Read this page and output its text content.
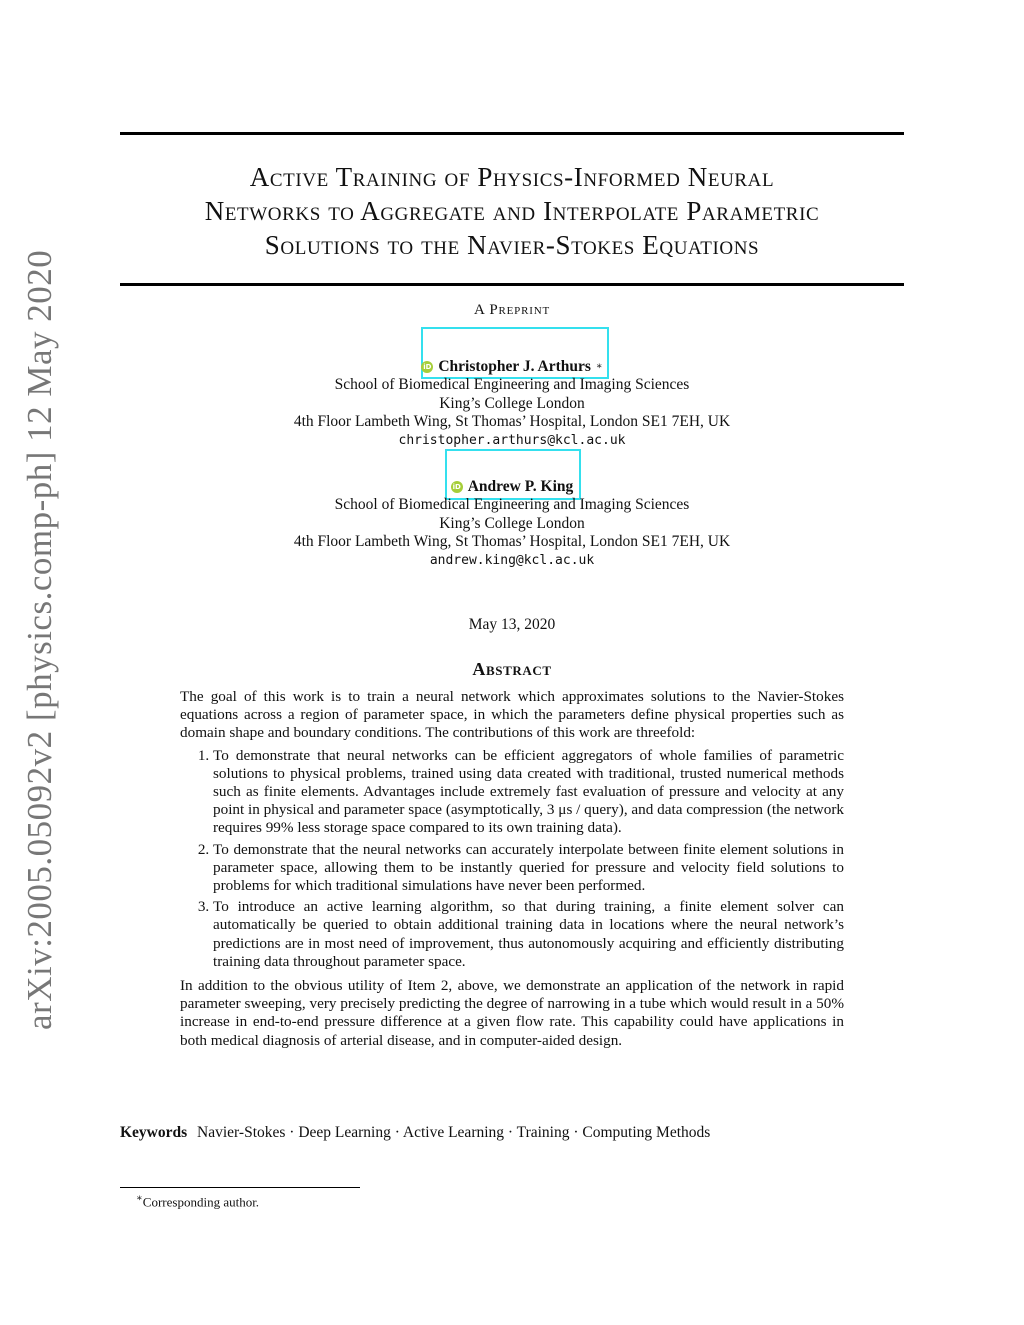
arXiv:2005.05092v2 [physics.comp-ph] 12 May 2020
Active Training of Physics-Informed Neural
Networks to Aggregate and Interpolate Parametric
Solutions to the Navier-Stokes Equations
A Preprint
iD Christopher J. Arthurs ∗
School of Biomedical Engineering and Imaging Sciences
King’s College London
4th Floor Lambeth Wing, St Thomas’ Hospital, London SE1 7EH, UK
christopher.arthurs@kcl.ac.uk
iD Andrew P. King
School of Biomedical Engineering and Imaging Sciences
King’s College London
4th Floor Lambeth Wing, St Thomas’ Hospital, London SE1 7EH, UK
andrew.king@kcl.ac.uk
May 13, 2020
Abstract

The goal of this work is to train a neural network which approximates solutions to the Navier-Stokes equations across a region of parameter space, in which the parameters define physical properties such as domain shape and boundary conditions. The contributions of this work are threefold:

1. To demonstrate that neural networks can be efficient aggregators of whole families of parametric solutions to physical problems, trained using data created with traditional, trusted numerical methods such as finite elements. Advantages include extremely fast evaluation of pressure and velocity at any point in physical and parameter space (asymptotically, 3 μs / query), and data compression (the network requires 99% less storage space compared to its own training data).
2. To demonstrate that the neural networks can accurately interpolate between finite element solutions in parameter space, allowing them to be instantly queried for pressure and velocity field solutions to problems for which traditional simulations have never been performed.
3. To introduce an active learning algorithm, so that during training, a finite element solver can automatically be queried to obtain additional training data in locations where the neural network’s predictions are in most need of improvement, thus autonomously acquiring and efficiently distributing training data throughout parameter space.

In addition to the obvious utility of Item 2, above, we demonstrate an application of the network in rapid parameter sweeping, very precisely predicting the degree of narrowing in a tube which would result in a 50% increase in end-to-end pressure difference at a given flow rate. This capability could have applications in both medical diagnosis of arterial disease, and in computer-aided design.

Keywords Navier-Stokes · Deep Learning · Active Learning · Training · Computing Methods
∗Corresponding author.
